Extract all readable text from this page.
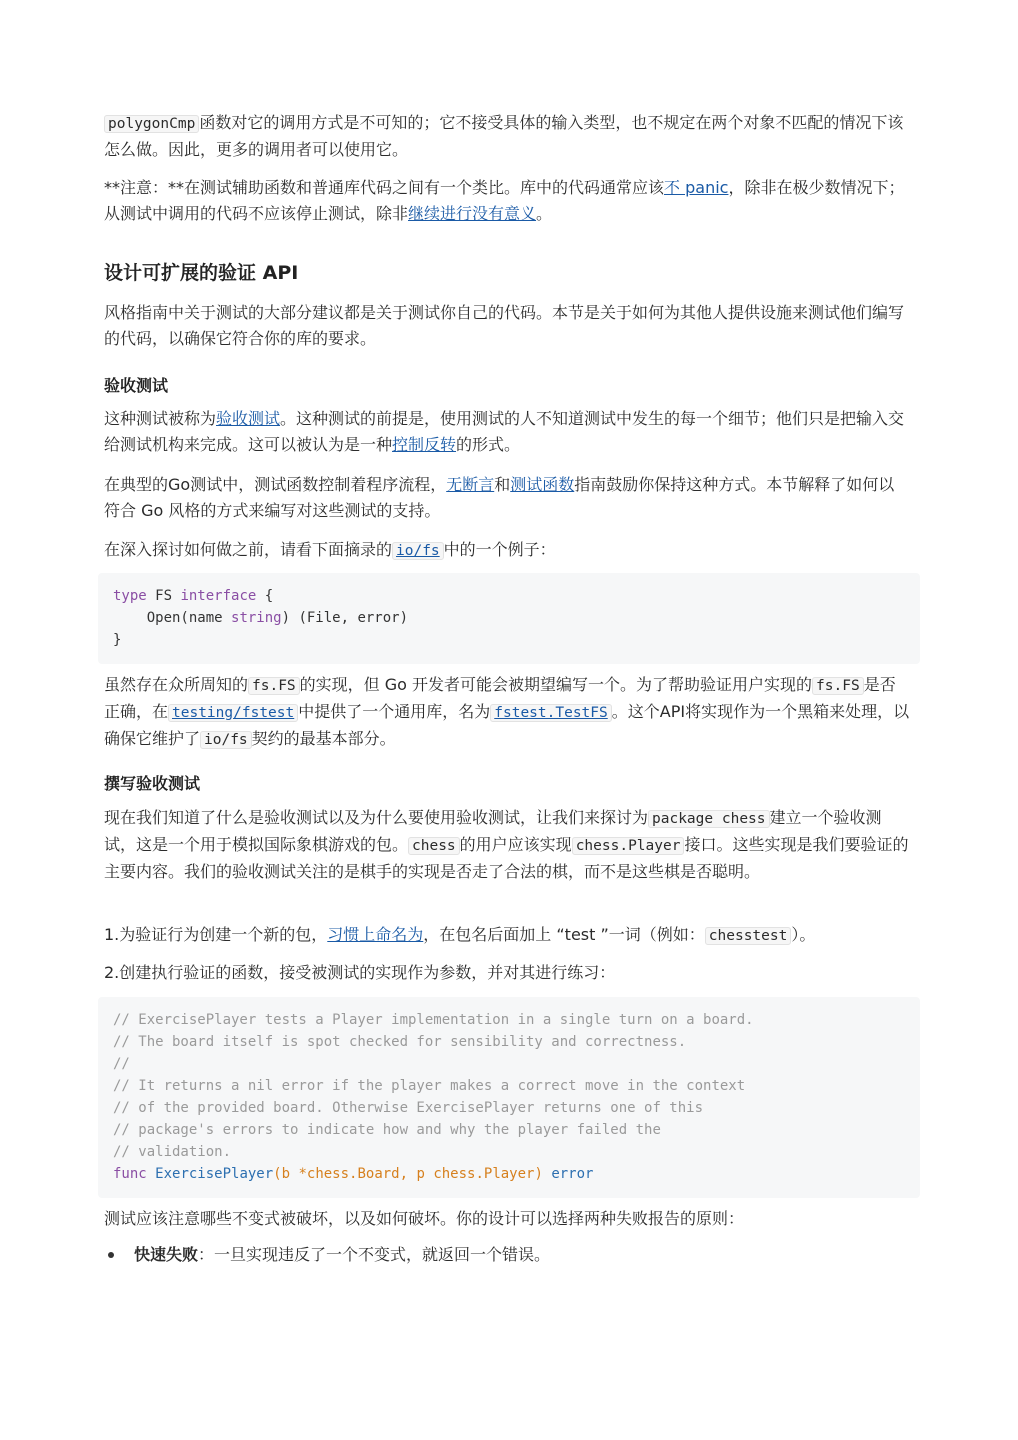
polygonCmp 函数对它的调用方式是不可知的；它不接受具体的输入类型，也不规定在两个对象不匹配的情况下该怎么做。因此，更多的调用者可以使用它。

**注意：**在测试辅助函数和普通库代码之间有一个类比。库中的代码通常应该不 panic，除非在极少数情况下；从测试中调用的代码不应该停止测试，除非继续进行没有意义。

设计可扩展的验证 API

风格指南中关于测试的大部分建议都是关于测试你自己的代码。本节是关于如何为其他人提供设施来测试他们编写的代码，以确保它符合你的库的要求。

验收测试

这种测试被称为验收测试。这种测试的前提是，使用测试的人不知道测试中发生的每一个细节；他们只是把输入交给测试机构来完成。这可以被认为是一种控制反转的形式。

在典型的Go测试中，测试函数控制着程序流程，无断言和测试函数指南鼓励你保持这种方式。本节解释了如何以符合 Go 风格的方式来编写对这些测试的支持。

在深入探讨如何做之前，请看下面摘录的 io/fs 中的一个例子：

type FS interface {
Open(name string) (File, error)
}

虽然存在众所周知的 fs.FS 的实现，但 Go 开发者可能会被期望编写一个。为了帮助验证用户实现的 fs.FS 是否正确，在 testing/fstest 中提供了一个通用库，名为 fstest.TestFS 。这个API将实现作为一个黑箱来处理，以确保它维护了 io/fs 契约的最基本部分。

撰写验收测试

现在我们知道了什么是验收测试以及为什么要使用验收测试，让我们来探讨为 package chess 建立一个验收测试，这是一个用于模拟国际象棋游戏的包。 chess 的用户应该实现 chess.Player 接口。这些实现是我们要验证的主要内容。我们的验收测试关注的是棋手的实现是否走了合法的棋，而不是这些棋是否聪明。

1.为验证行为创建一个新的包，习惯上命名为，在包名后面加上 “test ”一词（例如： chesstest ）。

2.创建执行验证的函数，接受被测试的实现作为参数，并对其进行练习：

// ExercisePlayer tests a Player implementation in a single turn on a board.
// The board itself is spot checked for sensibility and correctness.
//
// It returns a nil error if the player makes a correct move in the context
// of the provided board. Otherwise ExercisePlayer returns one of this
// package's errors to indicate how and why the player failed the
// validation.
func ExercisePlayer(b *chess.Board, p chess.Player) error

测试应该注意哪些不变式被破坏，以及如何破坏。你的设计可以选择两种失败报告的原则：

快速失败：一旦实现违反了一个不变式，就返回一个错误。
